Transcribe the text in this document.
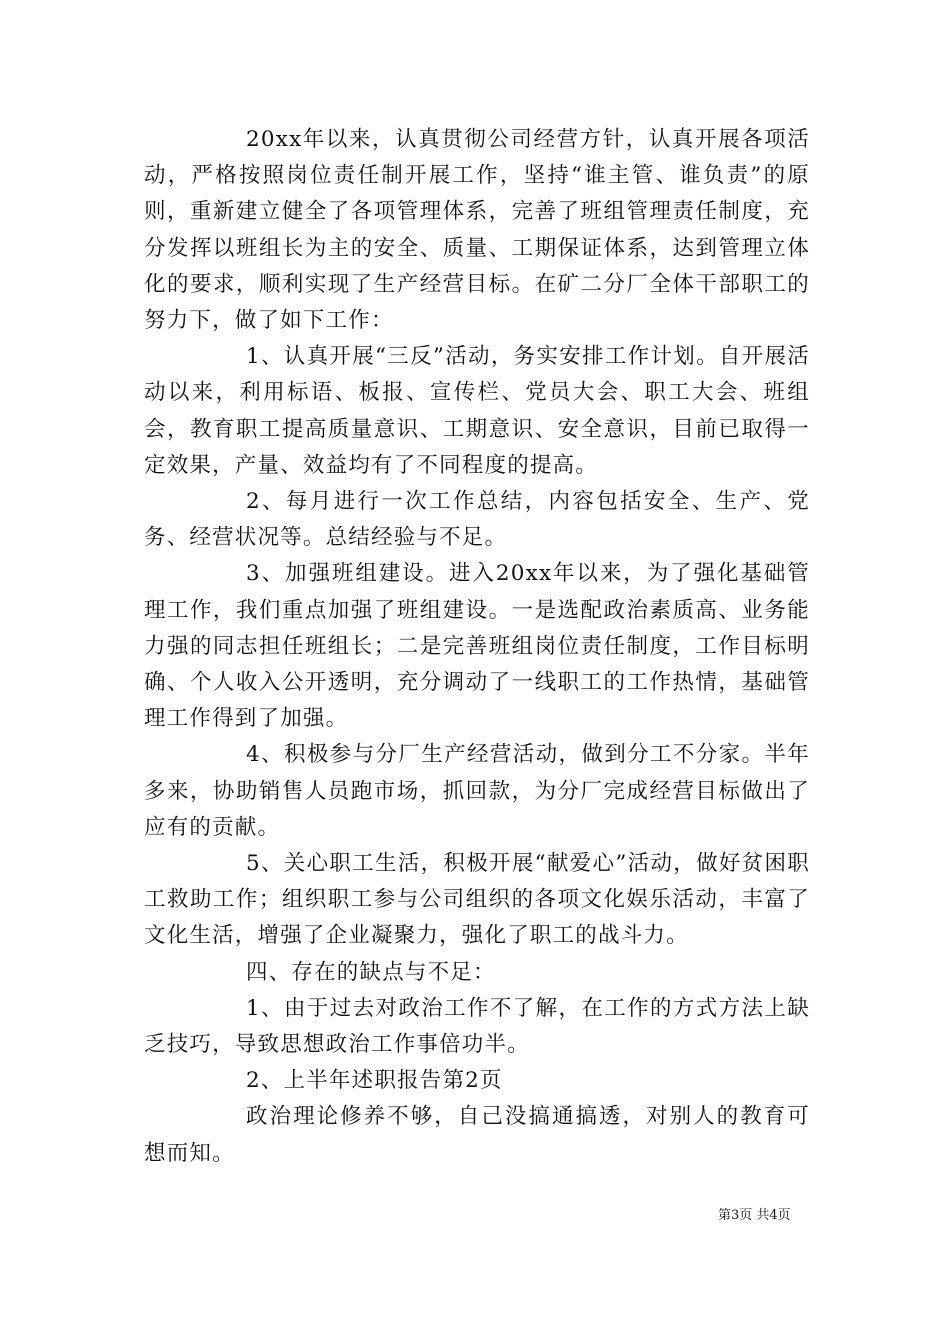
20xx年以来，认真贯彻公司经营方针，认真开展各项活动，严格按照岗位责任制开展工作，坚持“谁主管、谁负责”的原则，重新建立健全了各项管理体系，完善了班组管理责任制度，充分发挥以班组长为主的安全、质量、工期保证体系，达到管理立体化的要求，顺利实现了生产经营目标。在矿二分厂全体干部职工的努力下，做了如下工作：

1、认真开展“三反”活动，务实安排工作计划。自开展活动以来，利用标语、板报、宣传栏、党员大会、职工大会、班组会，教育职工提高质量意识、工期意识、安全意识，目前已取得一定效果，产量、效益均有了不同程度的提高。

2、每月进行一次工作总结，内容包括安全、生产、党务、经营状况等。总结经验与不足。

3、加强班组建设。进入20xx年以来，为了强化基础管理工作，我们重点加强了班组建设。一是选配政治素质高、业务能力强的同志担任班组长；二是完善班组岗位责任制度，工作目标明确、个人收入公开透明，充分调动了一线职工的工作热情，基础管理工作得到了加强。

4、积极参与分厂生产经营活动，做到分工不分家。半年多来，协助销售人员跑市场，抓回款，为分厂完成经营目标做出了应有的贡献。

5、关心职工生活，积极开展“献爱心”活动，做好贫困职工救助工作；组织职工参与公司组织的各项文化娱乐活动，丰富了文化生活，增强了企业凝聚力，强化了职工的战斗力。

四、存在的缺点与不足：

1、由于过去对政治工作不了解，在工作的方式方法上缺乏技巧，导致思想政治工作事倍功半。

2、上半年述职报告第2页

政治理论修养不够，自己没搞通搞透，对别人的教育可想而知。

第3页 共4页
